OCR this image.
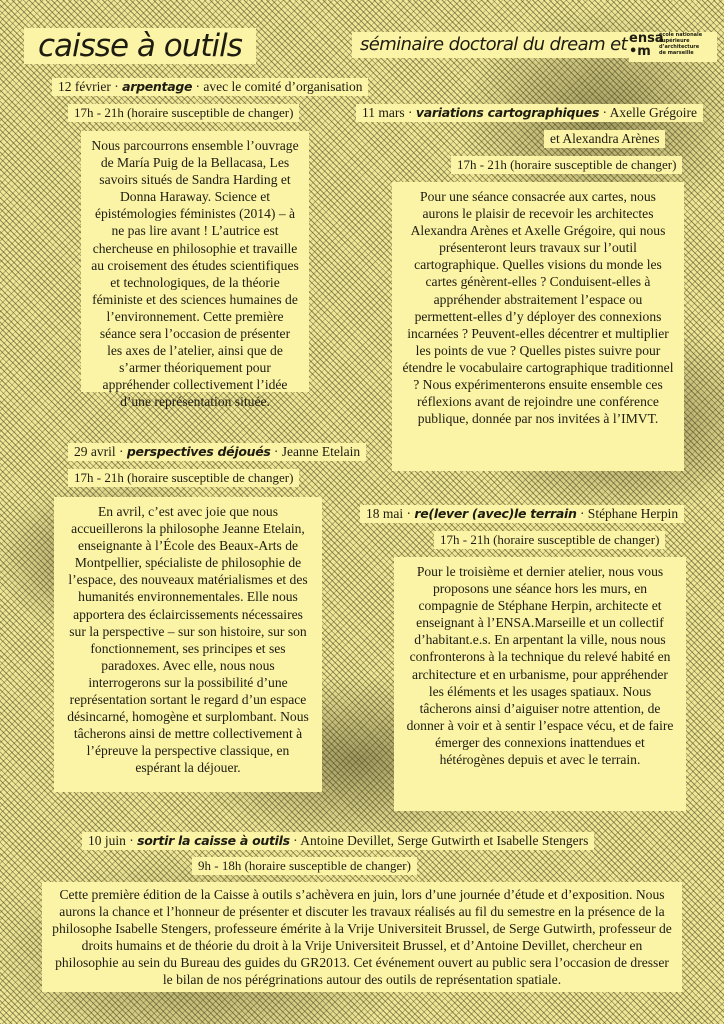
caisse à outils	séminaire doctoral du dream et ensa
•m
école nationale
supérieure
d’architecture
de marseille
12 février · arpentage · avec le comité d’organisation
17h - 21h (horaire susceptible de changer)
Nous parcourrons ensemble l’ouvrage de María Puig de la Bellacasa, Les savoirs situés de Sandra Harding et Donna Haraway. Science et épistémologies féministes (2014) – à ne pas lire avant ! L’autrice est chercheuse en philosophie et travaille au croisement des études scientifiques et technologiques, de la théorie féministe et des sciences humaines de l’environnement. Cette première séance sera l’occasion de présenter les axes de l’atelier, ainsi que de s’armer théoriquement pour appréhender collectivement l’idée d’une représentation située.
11 mars · variations cartographiques · Axelle Grégoire
et Alexandra Arènes
17h - 21h (horaire susceptible de changer)
Pour une séance consacrée aux cartes, nous aurons le plaisir de recevoir les architectes Alexandra Arènes et Axelle Grégoire, qui nous présenteront leurs travaux sur l’outil cartographique. Quelles visions du monde les cartes génèrent-elles ? Conduisent-elles à appréhender abstraitement l’espace ou permettent-elles d’y déployer des connexions incarnées ? Peuvent-elles décentrer et multiplier les points de vue ? Quelles pistes suivre pour étendre le vocabulaire cartographique traditionnel ? Nous expérimenterons ensuite ensemble ces réflexions avant de rejoindre une conférence publique, donnée par nos invitées à l’IMVT.
29 avril · perspectives déjoués · Jeanne Etelain
17h - 21h (horaire susceptible de changer)
En avril, c’est avec joie que nous accueillerons la philosophe Jeanne Etelain, enseignante à l’École des Beaux-Arts de Montpellier, spécialiste de philosophie de l’espace, des nouveaux matérialismes et des humanités environnementales. Elle nous apportera des éclaircissements nécessaires sur la perspective – sur son histoire, sur son fonctionnement, ses principes et ses paradoxes. Avec elle, nous nous interrogerons sur la possibilité d’une représentation sortant le regard d’un espace désincarné, homogène et surplombant. Nous tâcherons ainsi de mettre collectivement à l’épreuve la perspective classique, en espérant la déjouer.
18 mai · re(lever (avec)le terrain · Stéphane Herpin
17h - 21h (horaire susceptible de changer)
Pour le troisième et dernier atelier, nous vous proposons une séance hors les murs, en compagnie de Stéphane Herpin, architecte et enseignant à l’ENSA.Marseille et un collectif d’habitant.e.s. En arpentant la ville, nous nous confronterons à la technique du relevé habité en architecture et en urbanisme, pour appréhender les éléments et les usages spatiaux. Nous tâcherons ainsi d’aiguiser notre attention, de donner à voir et à sentir l’espace vécu, et de faire émerger des connexions inattendues et hétérogènes depuis et avec le terrain.
10 juin · sortir la caisse à outils · Antoine Devillet, Serge Gutwirth et Isabelle Stengers
9h - 18h (horaire susceptible de changer)
Cette première édition de la Caisse à outils s’achèvera en juin, lors d’une journée d’étude et d’exposition. Nous aurons la chance et l’honneur de présenter et discuter les travaux réalisés au fil du semestre en la présence de la philosophe Isabelle Stengers, professeure émérite à la Vrije Universiteit Brussel, de Serge Gutwirth, professeur de droits humains et de théorie du droit à la Vrije Universiteit Brussel, et d’Antoine Devillet, chercheur en philosophie au sein du Bureau des guides du GR2013. Cet événement ouvert au public sera l’occasion de dresser le bilan de nos pérégrinations autour des outils de représentation spatiale.
